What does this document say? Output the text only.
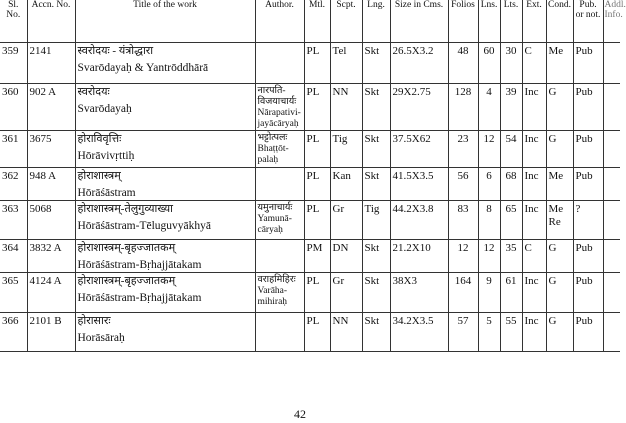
Sl. No.	Accn. No.	Title of the work	Author.	Mtl.	Scpt.	Lng.	Size in Cms.	Folios	Lns.	Lts.	Ext.	Cond.	Pub. or not.	Addl. Info.
359	2141	स्वरोदयः - यंत्रोद्धारा
Svarōdayaḥ & Yantrōddhārā		PL	Tel	Skt	26.5X3.2	48	60	30	C	Me	Pub	
360	902 A	स्वरोदयः
Svarōdayaḥ	नारपति-विजयाचार्यः
Nārapativi-jayācāryaḥ	PL	NN	Skt	29X2.75	128	4	39	Inc	G	Pub	
361	3675	होराविवृत्तिः
Hōrāvivṛttiḥ	भट्टोत्पलः
Bhaṭṭōt-palaḥ	PL	Tig	Skt	37.5X62	23	12	54	Inc	G	Pub	
362	948 A	होराशास्त्रम्
Hōrāśāstram		PL	Kan	Skt	41.5X3.5	56	6	68	Inc	Me	Pub	
363	5068	होराशास्त्रम्-तेलुगुव्याख्या
Hōrāśāstram-Tēluguvyākhyā	यमुनाचार्यः
Yamunā-cāryaḥ	PL	Gr	Tig	44.2X3.8	83	8	65	Inc	Me
Re	?	
364	3832 A	होराशास्त्रम्-बृहज्जातकम्
Hōrāśāstram-Bṛhajjātakam		PM	DN	Skt	21.2X10	12	12	35	C	G	Pub	
365	4124 A	होराशास्त्रम्-बृहज्जातकम्
Hōrāśāstram-Bṛhajjātakam	वराहमिहिरः
Varāha-mihiraḥ	PL	Gr	Skt	38X3	164	9	61	Inc	G	Pub	
366	2101 B	होरासारः
Horāsāraḥ		PL	NN	Skt	34.2X3.5	57	5	55	Inc	G	Pub	
42
